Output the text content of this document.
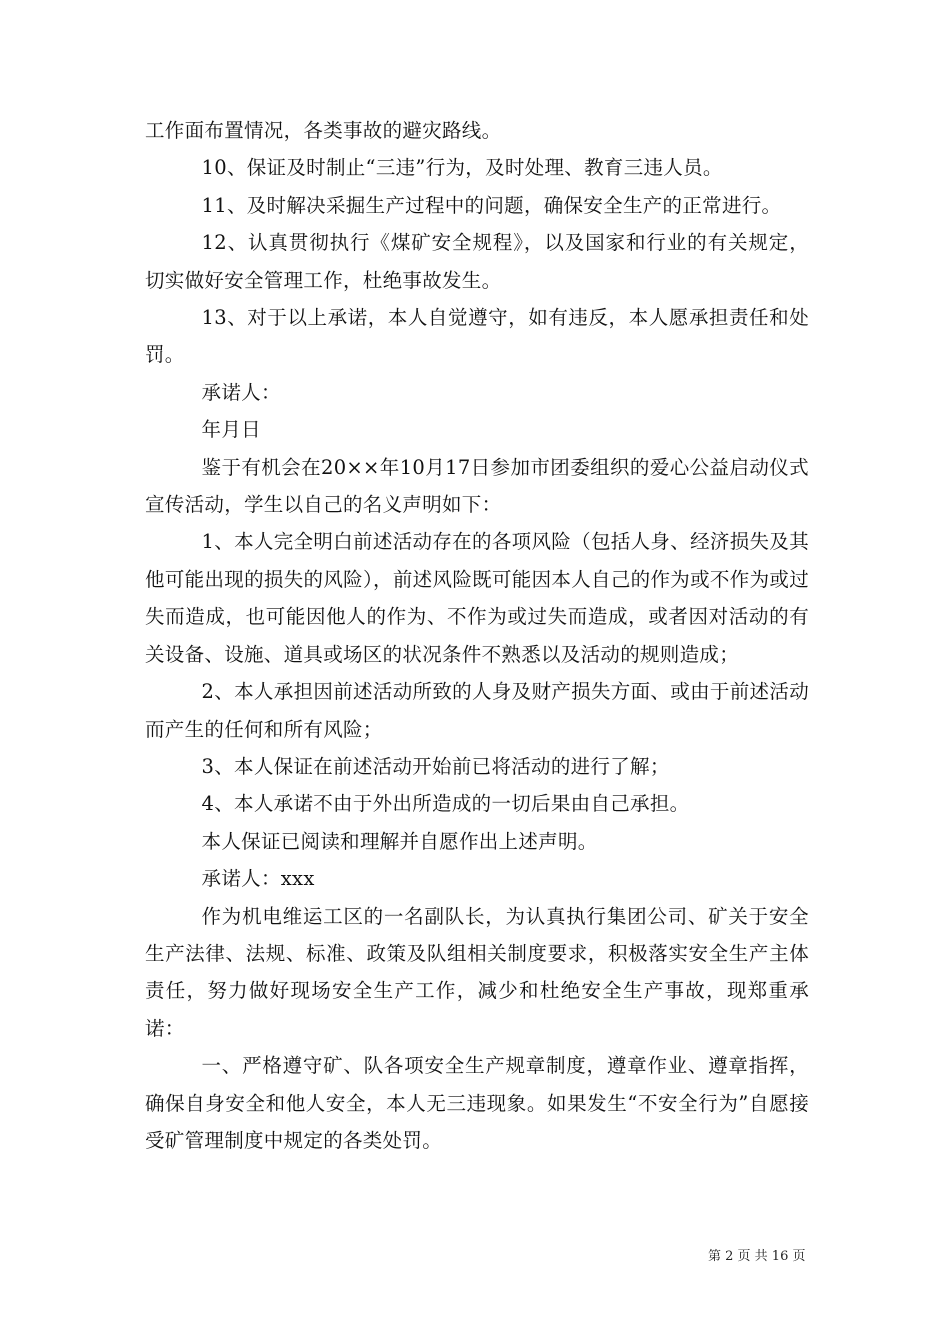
工作面布置情况，各类事故的避灾路线。

10、保证及时制止“三违”行为，及时处理、教育三违人员。

11、及时解决采掘生产过程中的问题，确保安全生产的正常进行。

12、认真贯彻执行《煤矿安全规程》，以及国家和行业的有关规定，切实做好安全管理工作，杜绝事故发生。

13、对于以上承诺，本人自觉遵守，如有违反，本人愿承担责任和处罚。

承诺人：

年月日

鉴于有机会在20××年10月17日参加市团委组织的爱心公益启动仪式宣传活动，学生以自己的名义声明如下：

1、本人完全明白前述活动存在的各项风险（包括人身、经济损失及其他可能出现的损失的风险），前述风险既可能因本人自己的作为或不作为或过失而造成，也可能因他人的作为、不作为或过失而造成，或者因对活动的有关设备、设施、道具或场区的状况条件不熟悉以及活动的规则造成；

2、本人承担因前述活动所致的人身及财产损失方面、或由于前述活动而产生的任何和所有风险；

3、本人保证在前述活动开始前已将活动的进行了解；

4、本人承诺不由于外出所造成的一切后果由自己承担。

本人保证已阅读和理解并自愿作出上述声明。

承诺人：xxx

作为机电维运工区的一名副队长，为认真执行集团公司、矿关于安全生产法律、法规、标准、政策及队组相关制度要求，积极落实安全生产主体责任，努力做好现场安全生产工作，减少和杜绝安全生产事故，现郑重承诺：

一、严格遵守矿、队各项安全生产规章制度，遵章作业、遵章指挥，确保自身安全和他人安全，本人无三违现象。如果发生“不安全行为”自愿接受矿管理制度中规定的各类处罚。

第 2 页 共 16 页
